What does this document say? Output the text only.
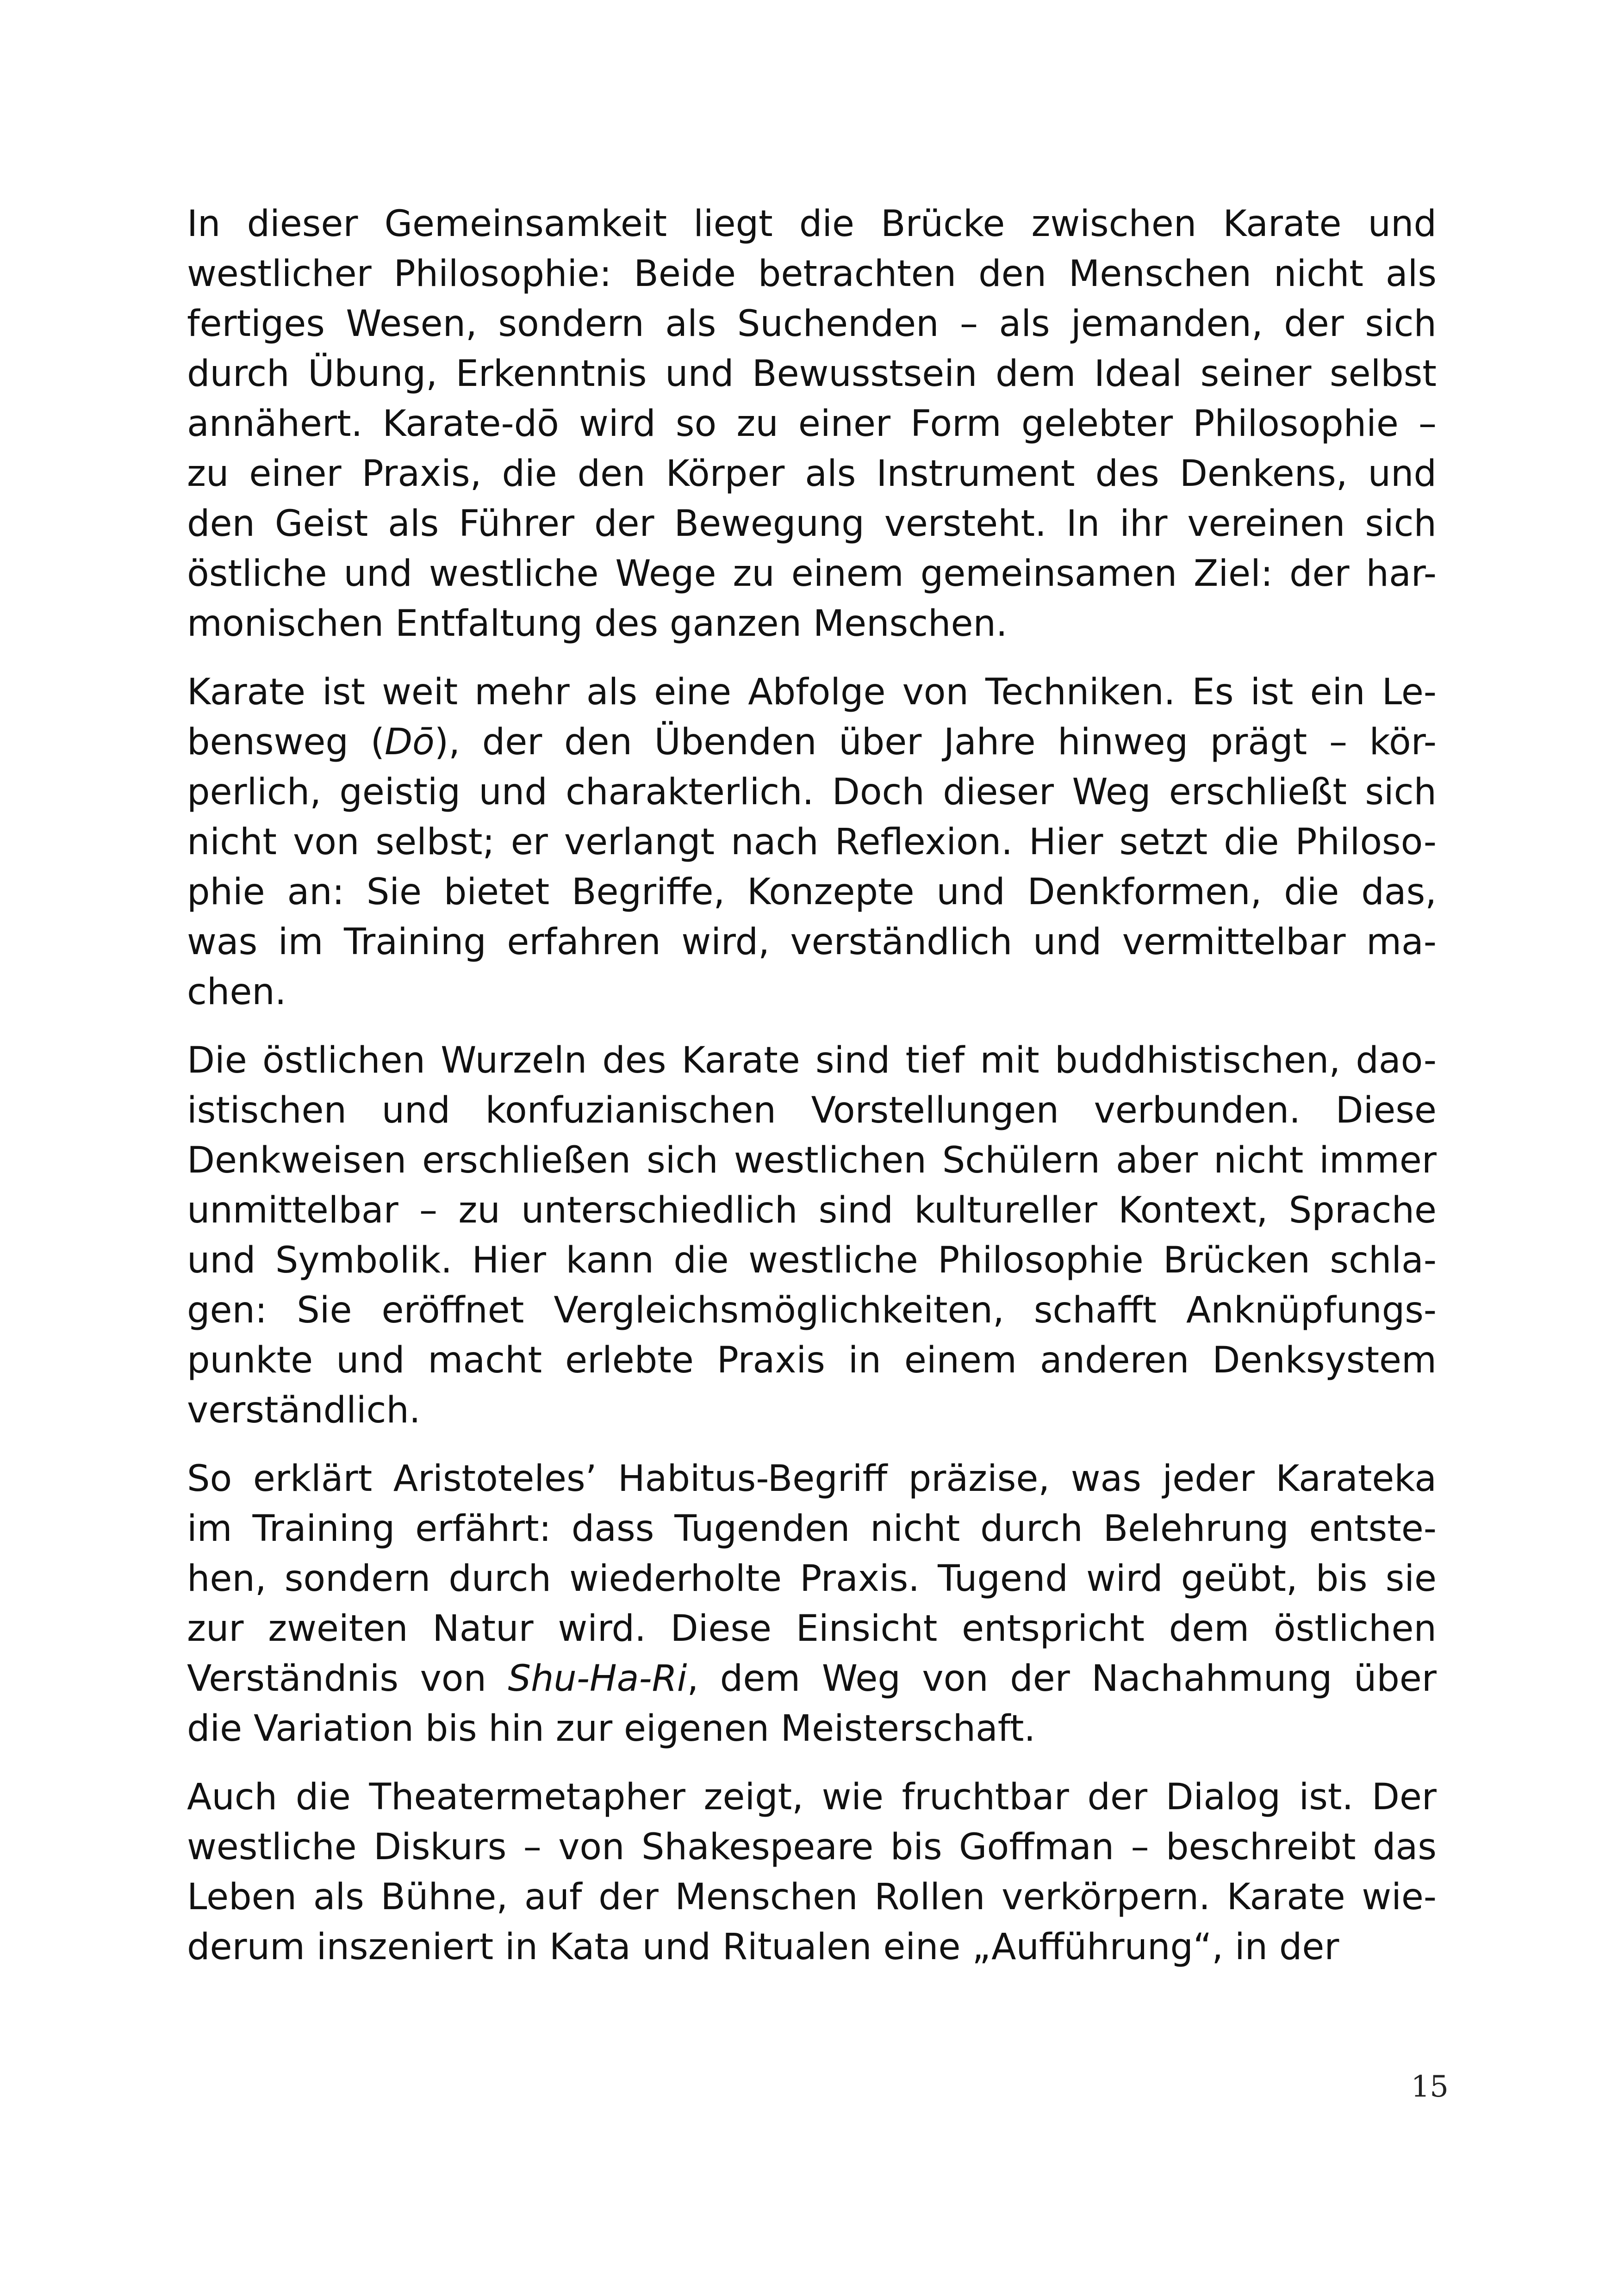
In dieser Gemeinsamkeit liegt die Brücke zwischen Karate und
westlicher Philosophie: Beide betrachten den Menschen nicht als
fertiges Wesen, sondern als Suchenden – als jemanden, der sich
durch Übung, Erkenntnis und Bewusstsein dem Ideal seiner selbst
annähert. Karate-dō wird so zu einer Form gelebter Philosophie –
zu einer Praxis, die den Körper als Instrument des Denkens, und
den Geist als Führer der Bewegung versteht. In ihr vereinen sich
östliche und westliche Wege zu einem gemeinsamen Ziel: der har-
monischen Entfaltung des ganzen Menschen.
Karate ist weit mehr als eine Abfolge von Techniken. Es ist ein Le-
bensweg (Dō), der den Übenden über Jahre hinweg prägt – kör-
perlich, geistig und charakterlich. Doch dieser Weg erschließt sich
nicht von selbst; er verlangt nach Reflexion. Hier setzt die Philoso-
phie an: Sie bietet Begriffe, Konzepte und Denkformen, die das,
was im Training erfahren wird, verständlich und vermittelbar ma-
chen.
Die östlichen Wurzeln des Karate sind tief mit buddhistischen, dao-
istischen und konfuzianischen Vorstellungen verbunden. Diese
Denkweisen erschließen sich westlichen Schülern aber nicht immer
unmittelbar – zu unterschiedlich sind kultureller Kontext, Sprache
und Symbolik. Hier kann die westliche Philosophie Brücken schla-
gen: Sie eröffnet Vergleichsmöglichkeiten, schafft Anknüpfungs-
punkte und macht erlebte Praxis in einem anderen Denksystem
verständlich.
So erklärt Aristoteles’ Habitus-Begriff präzise, was jeder Karateka
im Training erfährt: dass Tugenden nicht durch Belehrung entste-
hen, sondern durch wiederholte Praxis. Tugend wird geübt, bis sie
zur zweiten Natur wird. Diese Einsicht entspricht dem östlichen
Verständnis von Shu-Ha-Ri, dem Weg von der Nachahmung über
die Variation bis hin zur eigenen Meisterschaft.
Auch die Theatermetapher zeigt, wie fruchtbar der Dialog ist. Der
westliche Diskurs – von Shakespeare bis Goffman – beschreibt das
Leben als Bühne, auf der Menschen Rollen verkörpern. Karate wie-
derum inszeniert in Kata und Ritualen eine „Aufführung“, in der
15
